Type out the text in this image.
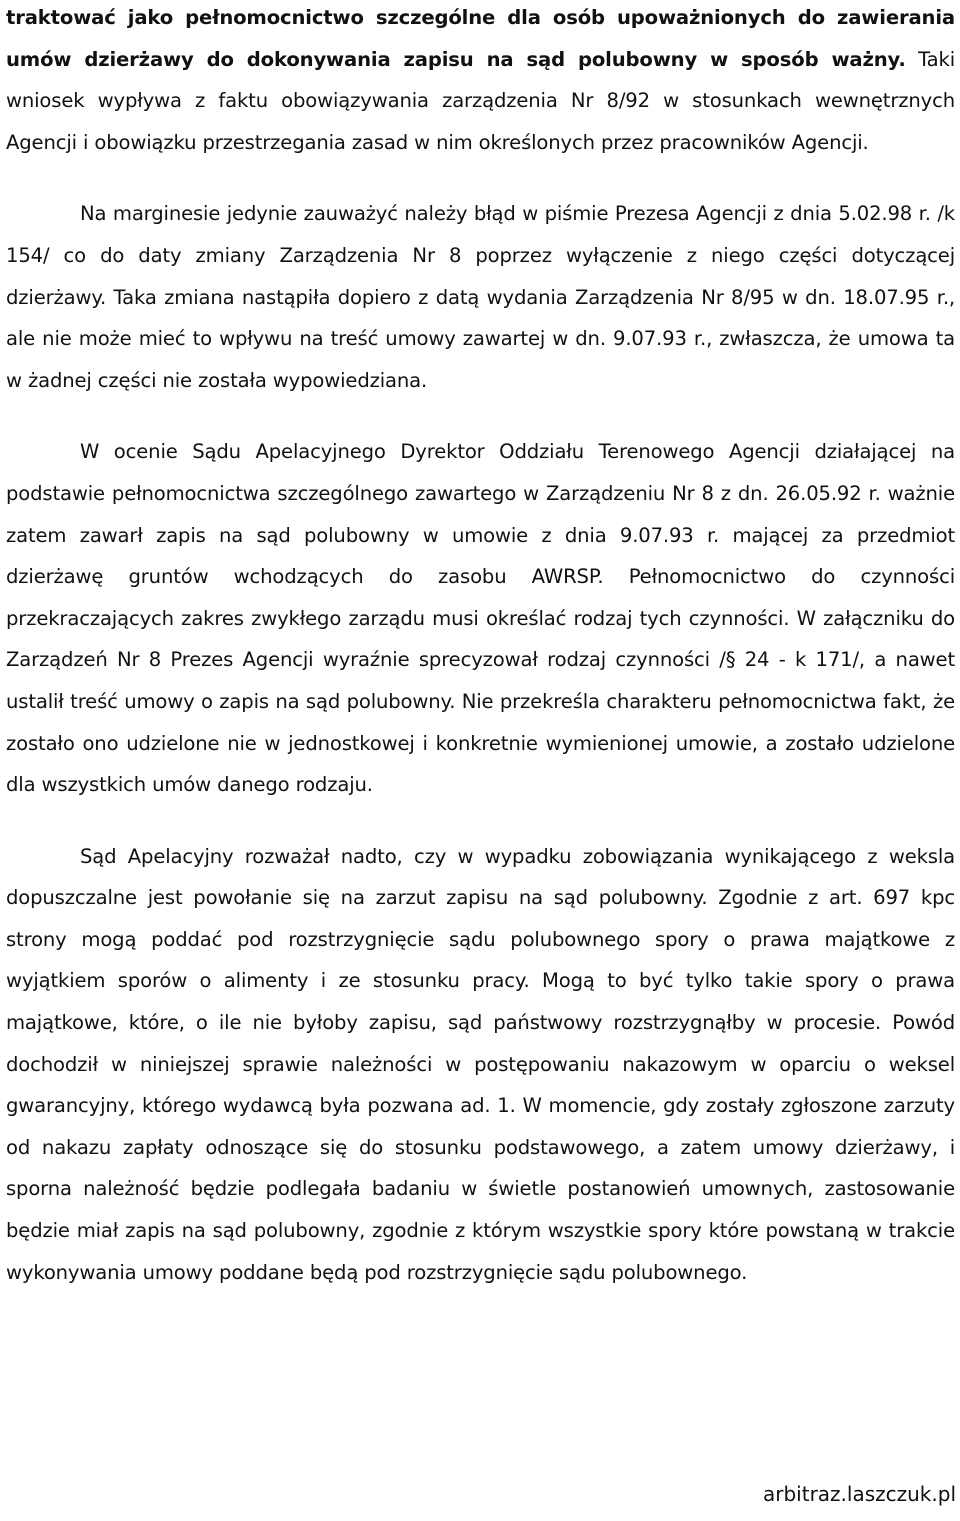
traktować jako pełnomocnictwo szczególne dla osób upoważnionych do zawierania umów dzierżawy do dokonywania zapisu na sąd polubowny w sposób ważny. Taki wniosek wypływa z faktu obowiązywania zarządzenia Nr 8/92 w stosunkach wewnętrznych Agencji i obowiązku przestrzegania zasad w nim określonych przez pracowników Agencji.

Na marginesie jedynie zauważyć należy błąd w piśmie Prezesa Agencji z dnia 5.02.98 r. /k 154/ co do daty zmiany Zarządzenia Nr 8 poprzez wyłączenie z niego części dotyczącej dzierżawy. Taka zmiana nastąpiła dopiero z datą wydania Zarządzenia Nr 8/95 w dn. 18.07.95 r., ale nie może mieć to wpływu na treść umowy zawartej w dn. 9.07.93 r., zwłaszcza, że umowa ta w żadnej części nie została wypowiedziana.

W ocenie Sądu Apelacyjnego Dyrektor Oddziału Terenowego Agencji działającej na podstawie pełnomocnictwa szczególnego zawartego w Zarządzeniu Nr 8 z dn. 26.05.92 r. ważnie zatem zawarł zapis na sąd polubowny w umowie z dnia 9.07.93 r. mającej za przedmiot dzierżawę gruntów wchodzących do zasobu AWRSP. Pełnomocnictwo do czynności przekraczających zakres zwykłego zarządu musi określać rodzaj tych czynności. W załączniku do Zarządzeń Nr 8 Prezes Agencji wyraźnie sprecyzował rodzaj czynności /§ 24 - k 171/, a nawet ustalił treść umowy o zapis na sąd polubowny. Nie przekreśla charakteru pełnomocnictwa fakt, że zostało ono udzielone nie w jednostkowej i konkretnie wymienionej umowie, a zostało udzielone dla wszystkich umów danego rodzaju.

Sąd Apelacyjny rozważał nadto, czy w wypadku zobowiązania wynikającego z weksla dopuszczalne jest powołanie się na zarzut zapisu na sąd polubowny. Zgodnie z art. 697 kpc strony mogą poddać pod rozstrzygnięcie sądu polubownego spory o prawa majątkowe z wyjątkiem sporów o alimenty i ze stosunku pracy. Mogą to być tylko takie spory o prawa majątkowe, które, o ile nie byłoby zapisu, sąd państwowy rozstrzygnąłby w procesie. Powód dochodził w niniejszej sprawie należności w postępowaniu nakazowym w oparciu o weksel gwarancyjny, którego wydawcą była pozwana ad. 1. W momencie, gdy zostały zgłoszone zarzuty od nakazu zapłaty odnoszące się do stosunku podstawowego, a zatem umowy dzierżawy, i sporna należność będzie podlegała badaniu w świetle postanowień umownych, zastosowanie będzie miał zapis na sąd polubowny, zgodnie z którym wszystkie spory które powstaną w trakcie wykonywania umowy poddane będą pod rozstrzygnięcie sądu polubownego.

arbitraz.laszczuk.pl
